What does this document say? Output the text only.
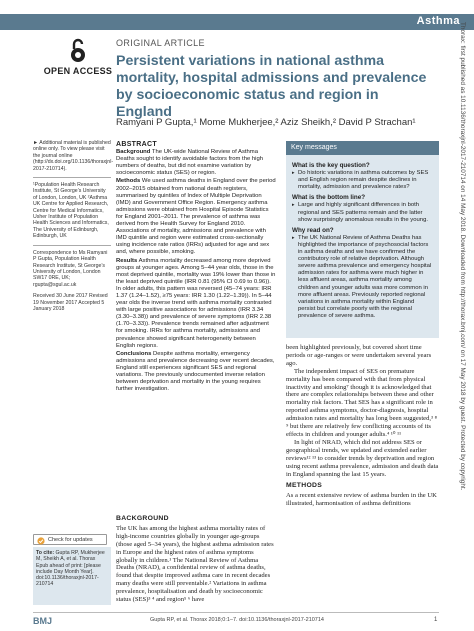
Asthma
OPEN ACCESS
ORIGINAL ARTICLE
Persistent variations in national asthma mortality, hospital admissions and prevalence by socioeconomic status and region in England
Ramyani P Gupta,¹ Mome Mukherjee,² Aziz Sheikh,² David P Strachan¹

► Additional material is published online only. To view please visit the journal online (http://dx.doi.org/10.1136/thoraxjnl-2017-210714).

¹Population Health Research Institute, St George’s University of London, London, UK ²Asthma UK Centre for Applied Research, Centre for Medical Informatics, Usher Institute of Population Health Sciences and Informatics, The University of Edinburgh, Edinburgh, UK

Correspondence to Ms Ramyani P Gupta, Population Health Research Institute, St George’s University of London, London SW17 0RE, UK; rgupta@sgul.ac.uk

Received 30 June 2017 Revised 19 November 2017 Accepted 5 January 2018

ABSTRACT

Background The UK-wide National Review of Asthma Deaths sought to identify avoidable factors from the high numbers of deaths, but did not examine variation by socioeconomic status (SES) or region.

Methods We used asthma deaths in England over the period 2002–2015 obtained from national death registers, summarised by quintiles of Index of Multiple Deprivation (IMD) and Government Office Region. Emergency asthma admissions were obtained from Hospital Episode Statistics for England 2001–2011. The prevalence of asthma was derived from the Health Survey for England 2010. Associations of mortality, admissions and prevalence with IMD quintile and region were estimated cross-sectionally using incidence rate ratios (IRRs) adjusted for age and sex and, where possible, smoking.

Results Asthma mortality decreased among more deprived groups at younger ages. Among 5–44 year olds, those in the most deprived quintile, mortality was 19% lower than those in the least deprived quintile (IRR 0.81 (95% CI 0.69 to 0.96)). In older adults, this pattern was reversed (45–74 years: IRR 1.37 (1.24–1.52), ≥75 years: IRR 1.30 (1.22–1.39)). In 5–44 year olds the inverse trend with asthma mortality contrasted with large positive associations for admissions (IRR 3.34 (3.30–3.38)) and prevalence of severe symptoms (IRR 2.38 (1.70–3.33)). Prevalence trends remained after adjustment for smoking. IRRs for asthma mortality, admissions and prevalence showed significant heterogeneity between English regions.

Conclusions Despite asthma mortality, emergency admissions and prevalence decreasing over recent decades, England still experiences significant SES and regional variations. The previously undocumented inverse relation between deprivation and mortality in the young requires further investigation.

Key messages
What is the key question?
▸ Do historic variations in asthma outcomes by SES and English region remain despite declines in mortality, admission and prevalence rates?
What is the bottom line?
▸ Large and highly significant differences in both regional and SES patterns remain and the latter show surprisingly anomalous results in the young.
Why read on?
▸ The UK National Review of Asthma Deaths has highlighted the importance of psychosocial factors in asthma deaths and we have confirmed the contributory role of relative deprivation. Although severe asthma prevalence and emergency hospital admission rates for asthma were much higher in less affluent areas, asthma mortality among children and younger adults was more common in more affluent areas. Previously reported regional variations in asthma mortality within England persist but correlate poorly with the regional prevalence of severe asthma.

been highlighted previously, but covered short time periods or age-ranges or were undertaken several years ago.

The independent impact of SES on premature mortality has been compared with that from physical inactivity and smoking⁷ though it is acknowledged that there are complex relationships between these and other mortality risk factors. That SES has a significant role in reported asthma symptoms, doctor-diagnosis, hospital admission rates and mortality has long been suggested,³ ⁸ ⁹ but there are relatively few conflicting accounts of its effects in children and younger adults.⁴ ¹⁰ ¹¹

In light of NRAD, which did not address SES or geographical trends, we updated and extended earlier reviews¹² ¹³ to consider trends by deprivation and region using recent asthma prevalence, admission and death data in England spanning the last 15 years.

METHODS

As a recent extensive review of asthma burden in the UK illustrated, harmonisation of asthma definitions

BACKGROUND

The UK has among the highest asthma mortality rates of high-income countries globally in younger age-groups (those aged 5–34 years), the highest asthma admission rates in Europe and the highest rates of asthma symptoms globally in children.¹ The National Review of Asthma Deaths (NRAD), a confidential review of asthma deaths, found that despite improved asthma care in recent decades many deaths were still preventable.² Variations in asthma prevalence, hospitalisation and death by socioeconomic status (SES)³ ⁴ and region⁵ ⁶ have

Check for updates
To cite: Gupta RP, Mukherjee M, Sheikh A, et al. Thorax Epub ahead of print: [please include Day Month Year]. doi:10.1136/thoraxjnl-2017-210714
BMJ	Gupta RP, et al. Thorax 2018;0:1–7. doi:10.1136/thoraxjnl-2017-210714	1
Thorax: first published as 10.1136/thoraxjnl-2017-210714 on 14 May 2018. Downloaded from http://thorax.bmj.com/ on 17 May 2018 by guest. Protected by copyright.
